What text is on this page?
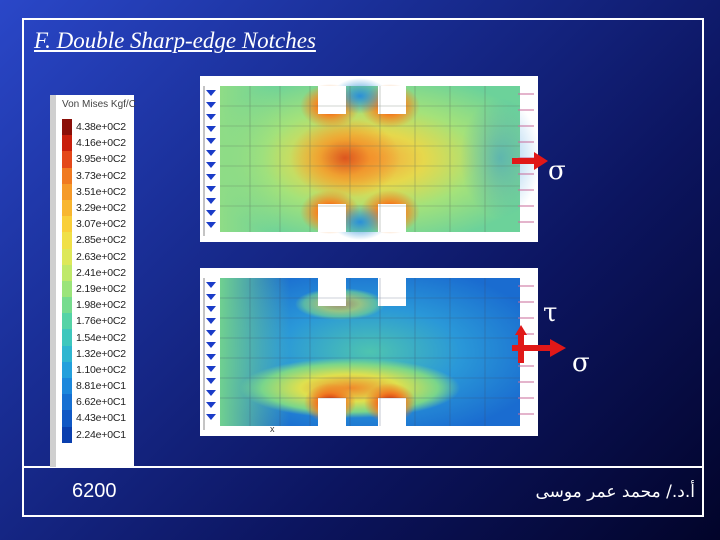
F. Double Sharp-edge Notches
Von Mises Kgf/C
4.38e+0C2
4.16e+0C2
3.95e+0C2
3.73e+0C2
3.51e+0C2
3.29e+0C2
3.07e+0C2
2.85e+0C2
2.63e+0C2
2.41e+0C2
2.19e+0C2
1.98e+0C2
1.76e+0C2
1.54e+0C2
1.32e+0C2
1.10e+0C2
8.81e+0C1
6.62e+0C1
4.43e+0C1
2.24e+0C1	x
σ
τ
σ
6200	أ.د./ محمد عمر موسى
